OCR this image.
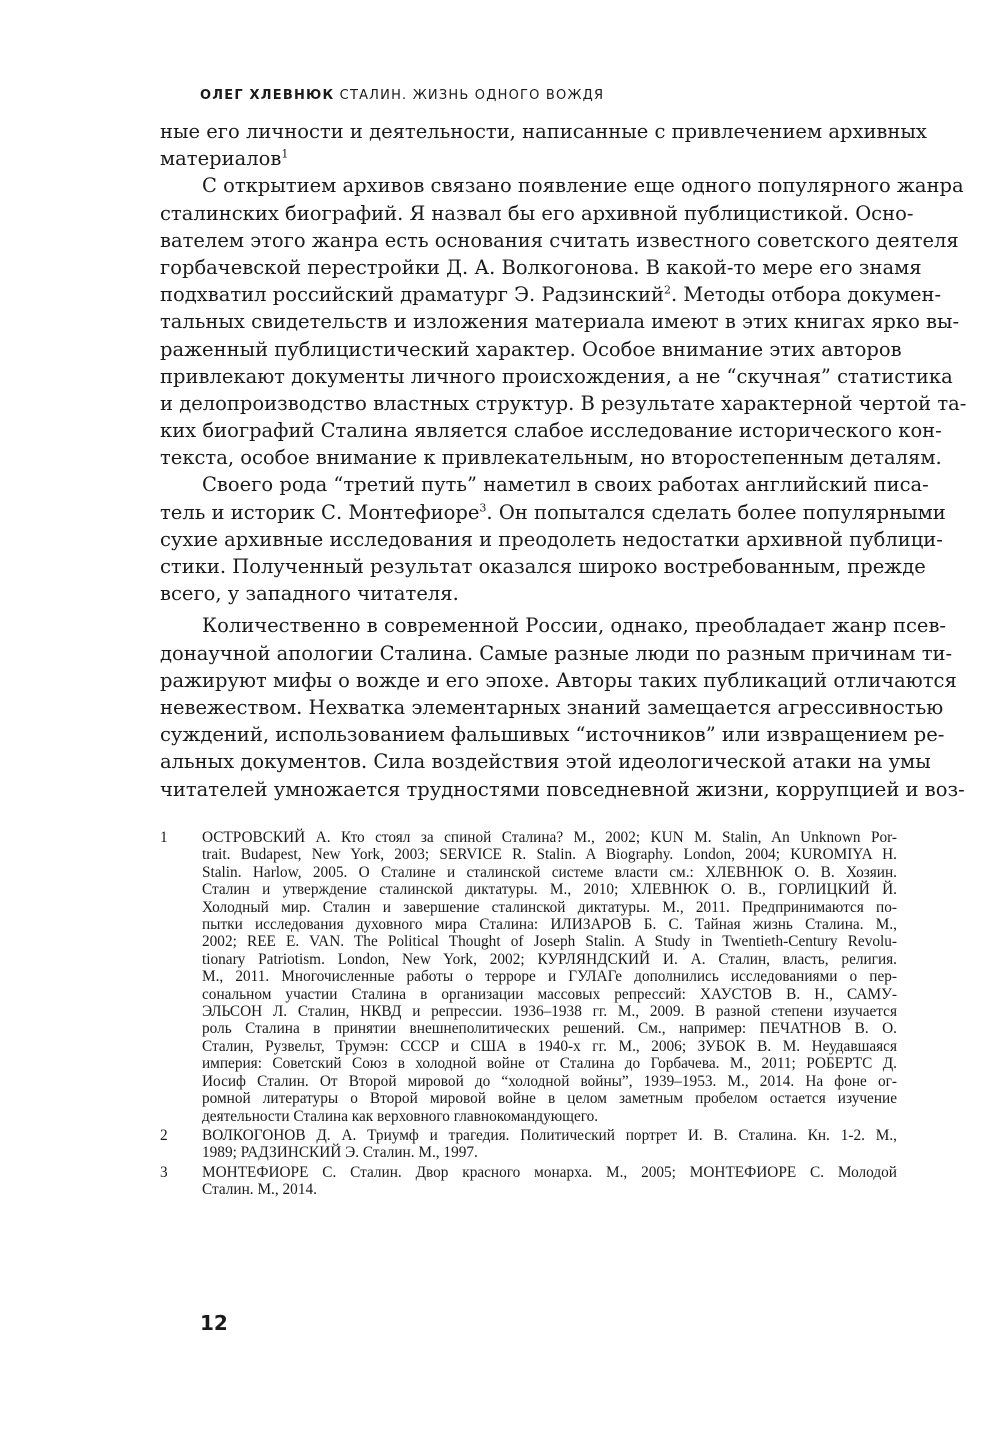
ОЛЕГ ХЛЕВНЮК СТАЛИН. ЖИЗНЬ ОДНОГО ВОЖДЯ
ные его личности и деятельности, написанные с привлечением архивных
материалов$^1$
С открытием архивов связано появление еще одного популярного жанра
сталинских биографий. Я назвал бы его архивной публицистикой. Осно-
вателем этого жанра есть основания считать известного советского деятеля
горбачевской перестройки Д. А. Волкогонова. В какой-то мере его знамя
подхватил российский драматург Э. Радзинский$^2$. Методы отбора докумен-
тальных свидетельств и изложения материала имеют в этих книгах ярко вы-
раженный публицистический характер. Особое внимание этих авторов
привлекают документы личного происхождения, а не “скучная” статистика
и делопроизводство властных структур. В результате характерной чертой та-
ких биографий Сталина является слабое исследование исторического кон-
текста, особое внимание к привлекательным, но второстепенным деталям.
Своего рода “третий путь” наметил в своих работах английский писа-
тель и историк С. Монтефиоре$^3$. Он попытался сделать более популярными
сухие архивные исследования и преодолеть недостатки архивной публици-
стики. Полученный результат оказался широко востребованным, прежде
всего, у западного читателя.
Количественно в современной России, однако, преобладает жанр псев-
донаучной апологии Сталина. Самые разные люди по разным причинам ти-
ражируют мифы о вожде и его эпохе. Авторы таких публикаций отличаются
невежеством. Нехватка элементарных знаний замещается агрессивностью
суждений, использованием фальшивых “источников” или извращением ре-
альных документов. Сила воздействия этой идеологической атаки на умы
читателей умножается трудностями повседневной жизни, коррупцией и воз-
1 ОСТРОВСКИЙ А. Кто стоял за спиной Сталина? М., 2002; KUN M. Stalin, An Unknown Por-
trait. Budapest, New York, 2003; SERVICE R. Stalin. A Biography. London, 2004; KUROMIYA H.
Stalin. Harlow, 2005. О Сталине и сталинской системе власти см.: ХЛЕВНЮК О. В. Хозяин.
Сталин и утверждение сталинской диктатуры. М., 2010; ХЛЕВНЮК О. В., ГОРЛИЦКИЙ Й.
Холодный мир. Сталин и завершение сталинской диктатуры. М., 2011. Предпринимаются по-
пытки исследования духовного мира Сталина: ИЛИЗАРОВ Б. С. Тайная жизнь Сталина. М.,
2002; REE E. VAN. The Political Thought of Joseph Stalin. A Study in Twentieth-Century Revolu-
tionary Patriotism. London, New York, 2002; КУРЛЯНДСКИЙ И. А. Сталин, власть, религия.
М., 2011. Многочисленные работы о терроре и ГУЛАГе дополнились исследованиями о пер-
сональном участии Сталина в организации массовых репрессий: ХАУСТОВ В. Н., САМУ-
ЭЛЬСОН Л. Сталин, НКВД и репрессии. 1936–1938 гг. М., 2009. В разной степени изучается
роль Сталина в принятии внешнеполитических решений. См., например: ПЕЧАТНОВ В. О.
Сталин, Рузвельт, Трумэн: СССР и США в 1940-х гг. М., 2006; ЗУБОК В. М. Неудавшаяся
империя: Советский Союз в холодной войне от Сталина до Горбачева. М., 2011; РОБЕРТС Д.
Иосиф Сталин. От Второй мировой до “холодной войны”, 1939–1953. М., 2014. На фоне ог-
ромной литературы о Второй мировой войне в целом заметным пробелом остается изучение
деятельности Сталина как верховного главнокомандующего.
2 ВОЛКОГОНОВ Д. А. Триумф и трагедия. Политический портрет И. В. Сталина. Кн. 1-2. М.,
1989; РАДЗИНСКИЙ Э. Сталин. М., 1997.
3 МОНТЕФИОРЕ С. Сталин. Двор красного монарха. М., 2005; МОНТЕФИОРЕ С. Молодой
Сталин. М., 2014.
12
